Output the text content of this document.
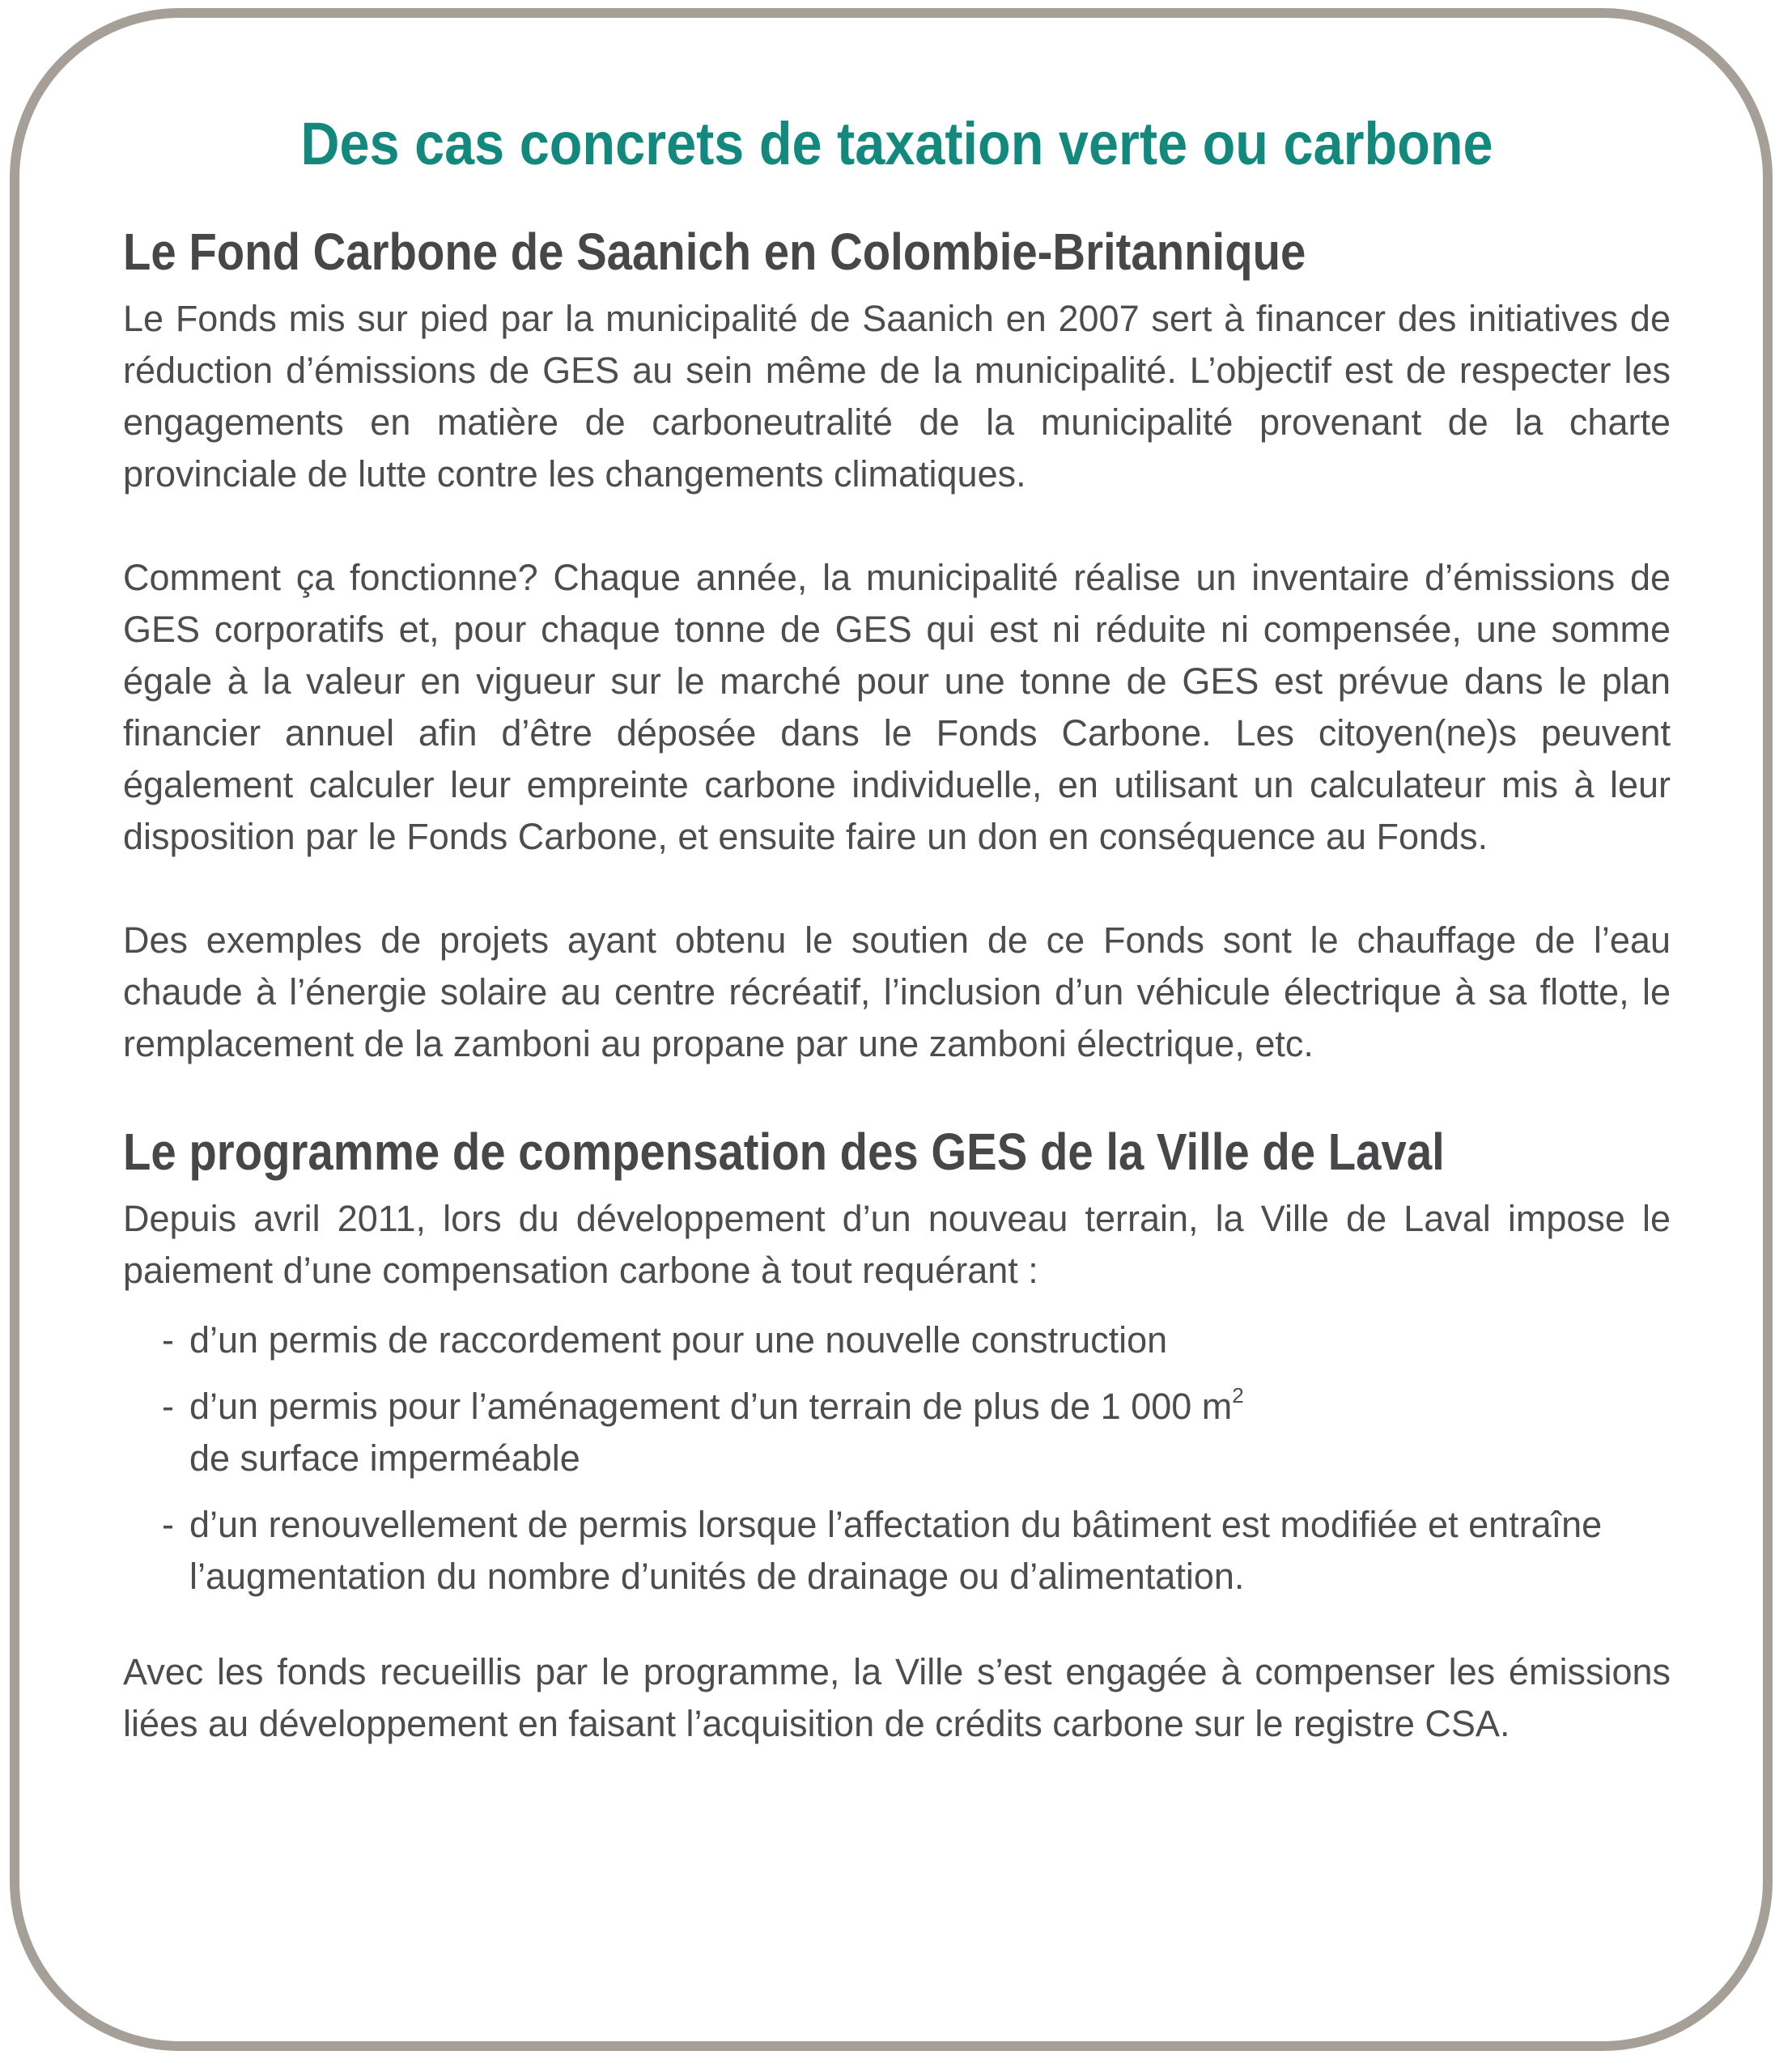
Des cas concrets de taxation verte ou carbone
Le Fond Carbone de Saanich en Colombie-Britannique

Le Fonds mis sur pied par la municipalité de Saanich en 2007 sert à financer des initiatives de réduction d’émissions de GES au sein même de la municipalité. L’objectif est de respecter les engagements en matière de carboneutralité de la municipalité provenant de la charte provinciale de lutte contre les changements climatiques.

Comment ça fonctionne? Chaque année, la municipalité réalise un inventaire d’émissions de GES corporatifs et, pour chaque tonne de GES qui est ni réduite ni compensée, une somme égale à la valeur en vigueur sur le marché pour une tonne de GES est prévue dans le plan financier annuel afin d’être déposée dans le Fonds Carbone. Les citoyen(ne)s peuvent également calculer leur empreinte carbone individuelle, en utilisant un calculateur mis à leur disposition par le Fonds Carbone, et ensuite faire un don en conséquence au Fonds.

Des exemples de projets ayant obtenu le soutien de ce Fonds sont le chauffage de l’eau chaude à l’énergie solaire au centre récréatif, l’inclusion d’un véhicule électrique à sa flotte, le remplacement de la zamboni au propane par une zamboni électrique, etc.

Le programme de compensation des GES de la Ville de Laval

Depuis avril 2011, lors du développement d’un nouveau terrain, la Ville de Laval impose le paiement d’une compensation carbone à tout requérant :

- d’un permis de raccordement pour une nouvelle construction
- d’un permis pour l’aménagement d’un terrain de plus de 1 000 $m^2$
de surface imperméable
- d’un renouvellement de permis lorsque l’affectation du bâtiment est modifiée et entraîne l’augmentation du nombre d’unités de drainage ou d’alimentation.

Avec les fonds recueillis par le programme, la Ville s’est engagée à compenser les émissions liées au développement en faisant l’acquisition de crédits carbone sur le registre CSA.
